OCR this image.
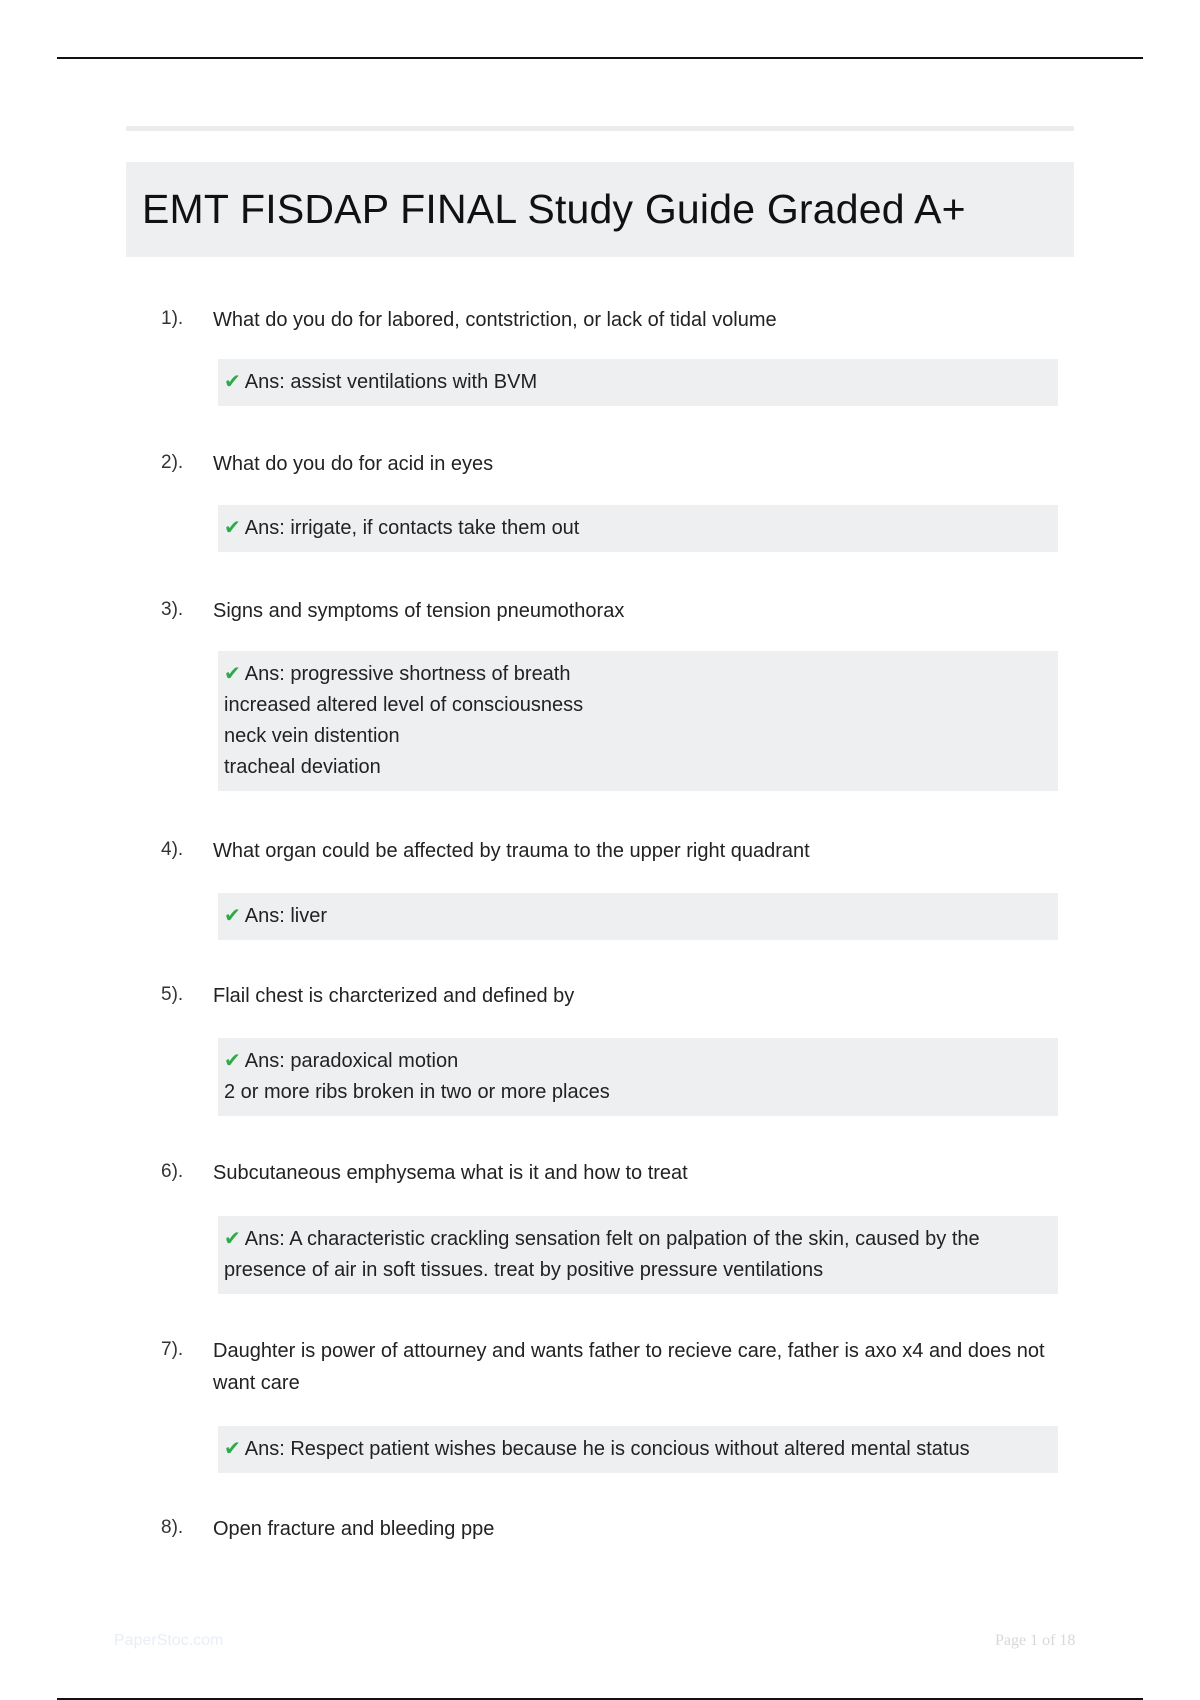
EMT FISDAP FINAL Study Guide Graded A+
1). What do you do for labored, contstriction, or lack of tidal volume
✔ Ans: assist ventilations with BVM
2). What do you do for acid in eyes
✔ Ans: irrigate, if contacts take them out
3). Signs and symptoms of tension pneumothorax
✔ Ans: progressive shortness of breath
increased altered level of consciousness
neck vein distention
tracheal deviation
4). What organ could be affected by trauma to the upper right quadrant
✔ Ans: liver
5). Flail chest is charcterized and defined by
✔ Ans: paradoxical motion
2 or more ribs broken in two or more places
6). Subcutaneous emphysema what is it and how to treat
✔ Ans: A characteristic crackling sensation felt on palpation of the skin, caused by the
presence of air in soft tissues. treat by positive pressure ventilations
7). Daughter is power of attourney and wants father to recieve care, father is axo x4 and does not want care
✔ Ans: Respect patient wishes because he is concious without altered mental status
8). Open fracture and bleeding ppe
PaperStoc.com	Page 1 of 18
